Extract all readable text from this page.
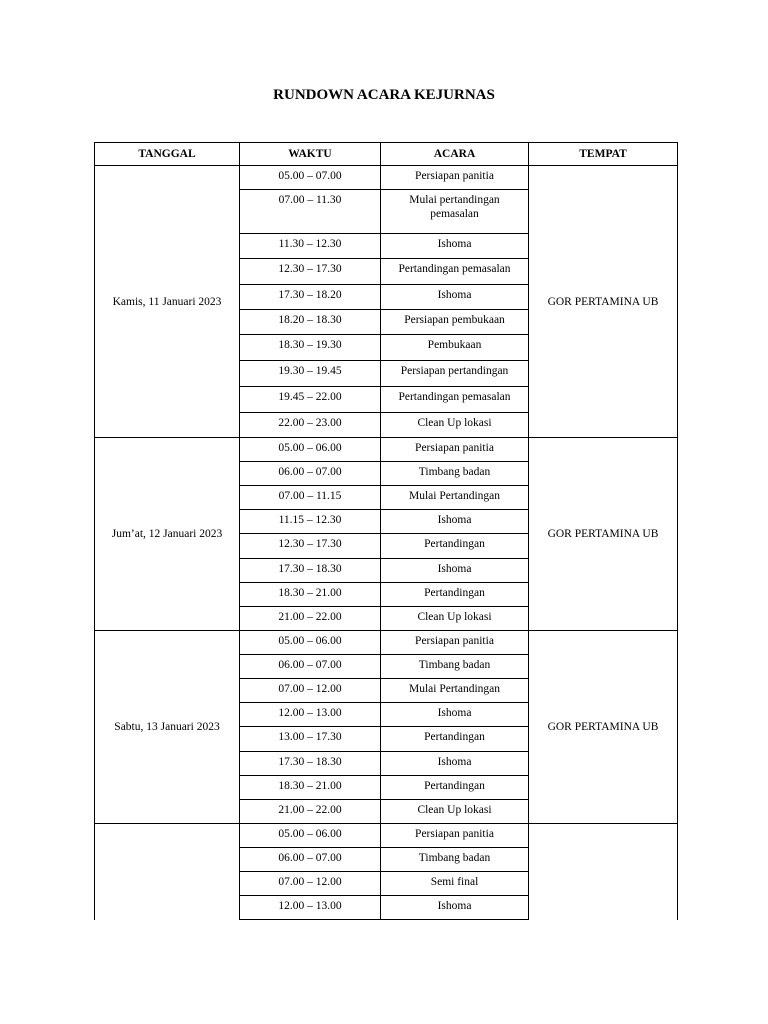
RUNDOWN ACARA KEJURNAS
TANGGAL	WAKTU	ACARA	TEMPAT
Kamis, 11 Januari 2023	05.00 – 07.00	Persiapan panitia	GOR PERTAMINA UB
	07.00 – 11.30	Mulai pertandingan pemasalan	
	11.30 – 12.30	Ishoma	
	12.30 – 17.30	Pertandingan pemasalan	
	17.30 – 18.20	Ishoma	
	18.20 – 18.30	Persiapan pembukaan	
	18.30 – 19.30	Pembukaan	
	19.30 – 19.45	Persiapan pertandingan	
	19.45 – 22.00	Pertandingan pemasalan	
	22.00 – 23.00	Clean Up lokasi	
Jum’at, 12 Januari 2023	05.00 – 06.00	Persiapan panitia	GOR PERTAMINA UB
	06.00 – 07.00	Timbang badan	
	07.00 – 11.15	Mulai Pertandingan	
	11.15 – 12.30	Ishoma	
	12.30 – 17.30	Pertandingan	
	17.30 – 18.30	Ishoma	
	18.30 – 21.00	Pertandingan	
	21.00 – 22.00	Clean Up lokasi	
Sabtu, 13 Januari 2023	05.00 – 06.00	Persiapan panitia	GOR PERTAMINA UB
	06.00 – 07.00	Timbang badan	
	07.00 – 12.00	Mulai Pertandingan	
	12.00 – 13.00	Ishoma	
	13.00 – 17.30	Pertandingan	
	17.30 – 18.30	Ishoma	
	18.30 – 21.00	Pertandingan	
	21.00 – 22.00	Clean Up lokasi	
	05.00 – 06.00	Persiapan panitia	
	06.00 – 07.00	Timbang badan	
	07.00 – 12.00	Semi final	
	12.00 – 13.00	Ishoma	
